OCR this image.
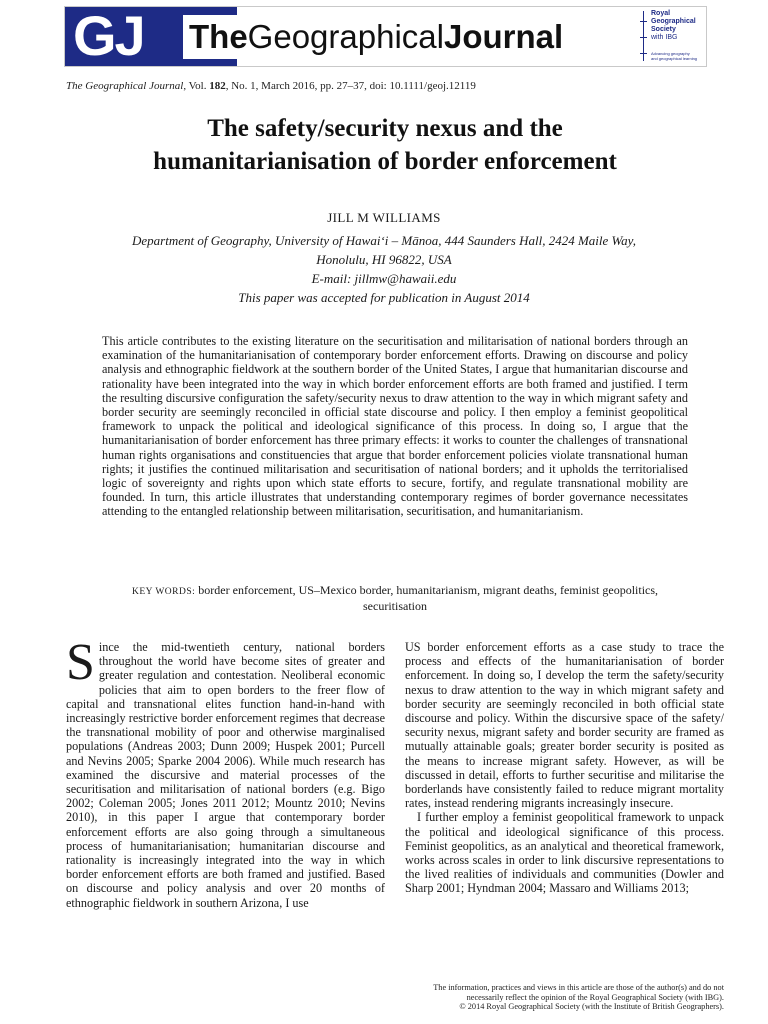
GJ TheGeographicalJournal
Royal
Geographical
Society
with IBG
Advancing geography
and geographical learning
The Geographical Journal, Vol. 182, No. 1, March 2016, pp. 27–37, doi: 10.1111/geoj.12119
The safety/security nexus and the
humanitarianisation of border enforcement
JILL M WILLIAMS
Department of Geography, University of Hawai‘i – Mānoa, 444 Saunders Hall, 2424 Maile Way,
Honolulu, HI 96822, USA
E-mail: jillmw@hawaii.edu
This paper was accepted for publication in August 2014
This article contributes to the existing literature on the securitisation and militarisation of national borders through an examination of the humanitarianisation of contemporary border enforcement efforts. Drawing on discourse and policy analysis and ethnographic fieldwork at the southern border of the United States, I argue that humanitarian discourse and rationality have been integrated into the way in which border enforcement efforts are both framed and justified. I term the resulting discursive configuration the safety/security nexus to draw attention to the way in which migrant safety and border security are seemingly reconciled in official state discourse and policy. I then employ a feminist geopolitical framework to unpack the political and ideological significance of this process. In doing so, I argue that the humanitarianisation of border enforcement has three primary effects: it works to counter the challenges of transnational human rights organisations and constituencies that argue that border enforcement policies violate transnational human rights; it justifies the continued militarisation and securitisation of national borders; and it upholds the territorialised logic of sovereignty and rights upon which state efforts to secure, fortify, and regulate transnational mobility are founded. In turn, this article illustrates that understanding contemporary regimes of border governance necessitates attending to the entangled relationship between militarisation, securitisation, and humanitarianism.
KEY WORDS: border enforcement, US–Mexico border, humanitarianism, migrant deaths, feminist geopolitics, securitisation

Since the mid-twentieth century, national borders throughout the world have become sites of greater and greater regulation and contestation. Neoliberal economic policies that aim to open borders to the freer flow of capital and transnational elites function hand-in-hand with increasingly restrictive border enforcement regimes that decrease the transnational mobility of poor and otherwise marginalised populations (Andreas 2003; Dunn 2009; Huspek 2001; Purcell and Nevins 2005; Sparke 2004 2006). While much research has examined the discursive and material processes of the securitisation and militarisation of national borders (e.g. Bigo 2002; Coleman 2005; Jones 2011 2012; Mountz 2010; Nevins 2010), in this paper I argue that contemporary border enforcement efforts are also going through a simultaneous process of humanitarianisation; humanitarian discourse and rationality is increasingly integrated into the way in which border enforcement efforts are both framed and justified. Based on discourse and policy analysis and over 20 months of ethnographic fieldwork in southern Arizona, I use

US border enforcement efforts as a case study to trace the process and effects of the humanitarianisation of border enforcement. In doing so, I develop the term the safety/security nexus to draw attention to the way in which migrant safety and border security are seemingly reconciled in both official state discourse and policy. Within the discursive space of the safety/ security nexus, migrant safety and border security are framed as mutually attainable goals; greater border security is posited as the means to increase migrant safety. However, as will be discussed in detail, efforts to further securitise and militarise the borderlands have consistently failed to reduce migrant mortality rates, instead rendering migrants increasingly insecure.

I further employ a feminist geopolitical framework to unpack the political and ideological significance of this process. Feminist geopolitics, as an analytical and theoretical framework, works across scales in order to link discursive representations to the lived realities of individuals and communities (Dowler and Sharp 2001; Hyndman 2004; Massaro and Williams 2013;

The information, practices and views in this article are those of the author(s) and do not
necessarily reflect the opinion of the Royal Geographical Society (with IBG).
© 2014 Royal Geographical Society (with the Institute of British Geographers).
